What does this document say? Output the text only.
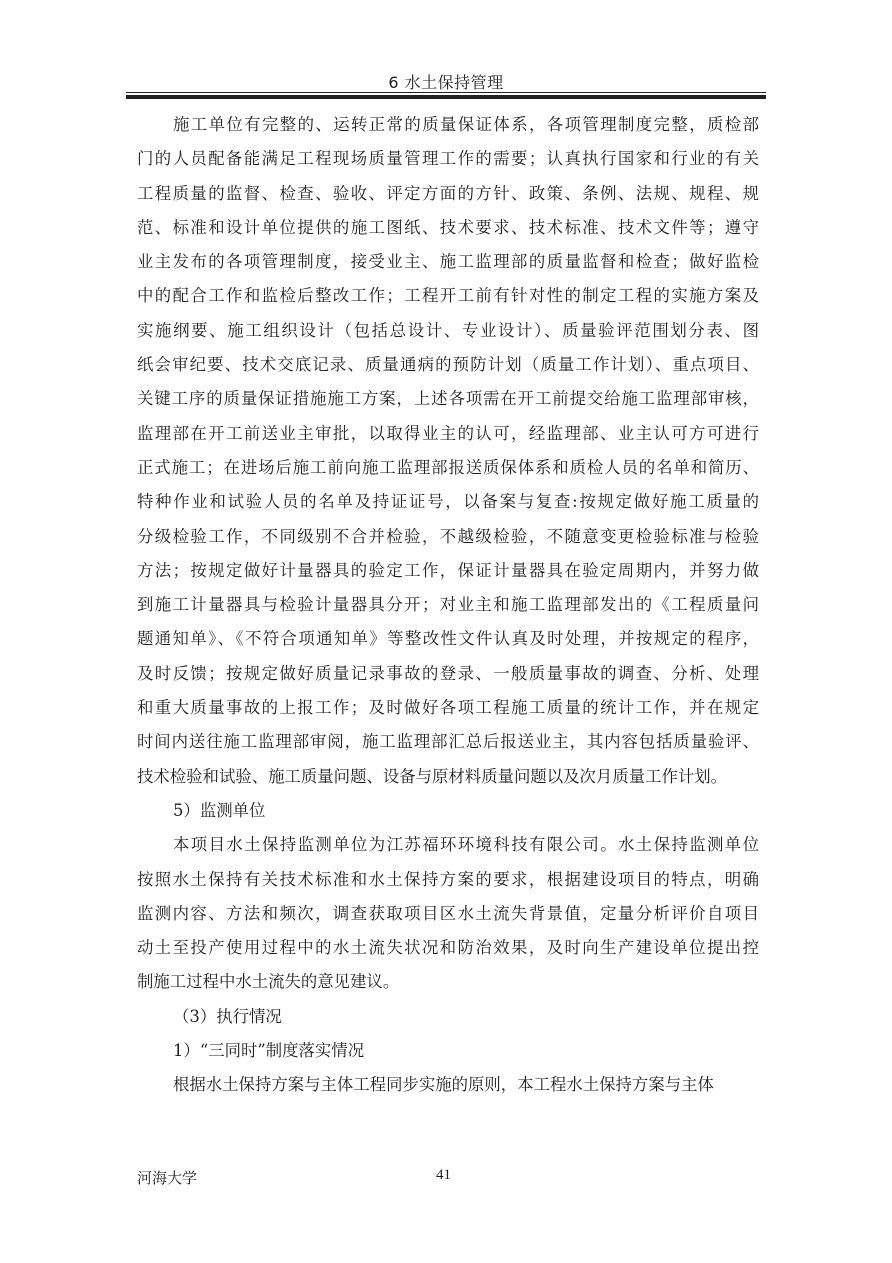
6 水土保持管理
施工单位有完整的、运转正常的质量保证体系，各项管理制度完整，质检部
门的人员配备能满足工程现场质量管理工作的需要；认真执行国家和行业的有关
工程质量的监督、检查、验收、评定方面的方针、政策、条例、法规、规程、规
范、标准和设计单位提供的施工图纸、技术要求、技术标准、技术文件等；遵守
业主发布的各项管理制度，接受业主、施工监理部的质量监督和检查；做好监检
中的配合工作和监检后整改工作；工程开工前有针对性的制定工程的实施方案及
实施纲要、施工组织设计（包括总设计、专业设计）、质量验评范围划分表、图
纸会审纪要、技术交底记录、质量通病的预防计划（质量工作计划）、重点项目、
关键工序的质量保证措施施工方案，上述各项需在开工前提交给施工监理部审核，
监理部在开工前送业主审批，以取得业主的认可，经监理部、业主认可方可进行
正式施工；在进场后施工前向施工监理部报送质保体系和质检人员的名单和简历、
特种作业和试验人员的名单及持证证号，以备案与复查:按规定做好施工质量的
分级检验工作，不同级别不合并检验，不越级检验，不随意变更检验标准与检验
方法；按规定做好计量器具的验定工作，保证计量器具在验定周期内，并努力做
到施工计量器具与检验计量器具分开；对业主和施工监理部发出的《工程质量问
题通知单》、《不符合项通知单》等整改性文件认真及时处理，并按规定的程序，
及时反馈；按规定做好质量记录事故的登录、一般质量事故的调查、分析、处理
和重大质量事故的上报工作；及时做好各项工程施工质量的统计工作，并在规定
时间内送往施工监理部审阅，施工监理部汇总后报送业主，其内容包括质量验评、
技术检验和试验、施工质量问题、设备与原材料质量问题以及次月质量工作计划。
5）监测单位
本项目水土保持监测单位为江苏福环环境科技有限公司。水土保持监测单位
按照水土保持有关技术标准和水土保持方案的要求，根据建设项目的特点，明确
监测内容、方法和频次，调查获取项目区水土流失背景值，定量分析评价自项目
动土至投产使用过程中的水土流失状况和防治效果，及时向生产建设单位提出控
制施工过程中水土流失的意见建议。
（3）执行情况
1）“三同时”制度落实情况
根据水土保持方案与主体工程同步实施的原则，本工程水土保持方案与主体
河海大学	41
